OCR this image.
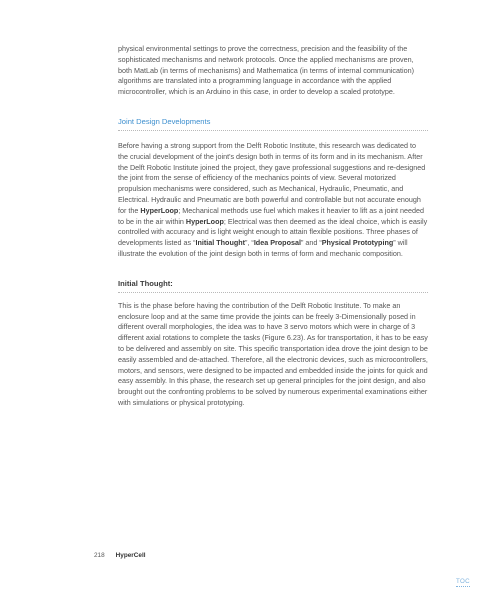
physical environmental settings to prove the correctness, precision and the feasibility of the sophisticated mechanisms and network protocols. Once the applied mechanisms are proven, both MatLab (in terms of mechanisms) and Mathematica (in terms of internal communication) algorithms are translated into a programming language in accordance with the applied microcontroller, which is an Arduino in this case, in order to develop a scaled prototype.

Joint Design Developments

Before having a strong support from the Delft Robotic Institute, this research was dedicated to the crucial development of the joint's design both in terms of its form and in its mechanism. After the Delft Robotic Institute joined the project, they gave professional suggestions and re-designed the joint from the sense of efficiency of the mechanics points of view. Several motorized propulsion mechanisms were considered, such as Mechanical, Hydraulic, Pneumatic, and Electrical. Hydraulic and Pneumatic are both powerful and controllable but not accurate enough for the HyperLoop; Mechanical methods use fuel which makes it heavier to lift as a joint needed to be in the air within HyperLoop; Electrical was then deemed as the ideal choice, which is easily controlled with accuracy and is light weight enough to attain flexible positions. Three phases of developments listed as “Initial Thought”, “Idea Proposal” and “Physical Prototyping” will illustrate the evolution of the joint design both in terms of form and mechanic composition.

Initial Thought:

This is the phase before having the contribution of the Delft Robotic Institute. To make an enclosure loop and at the same time provide the joints can be freely 3-Dimensionally posed in different overall morphologies, the idea was to have 3 servo motors which were in charge of 3 different axial rotations to complete the tasks (Figure 6.23). As for transportation, it has to be easy to be delivered and assembly on site. This specific transportation idea drove the joint design to be easily assembled and de-attached. Therefore, all the electronic devices, such as microcontrollers, motors, and sensors, were designed to be impacted and embedded inside the joints for quick and easy assembly. In this phase, the research set up general principles for the joint design, and also brought out the confronting problems to be solved by numerous experimental examinations either with simulations or physical prototyping.

218 HyperCell
TOC
